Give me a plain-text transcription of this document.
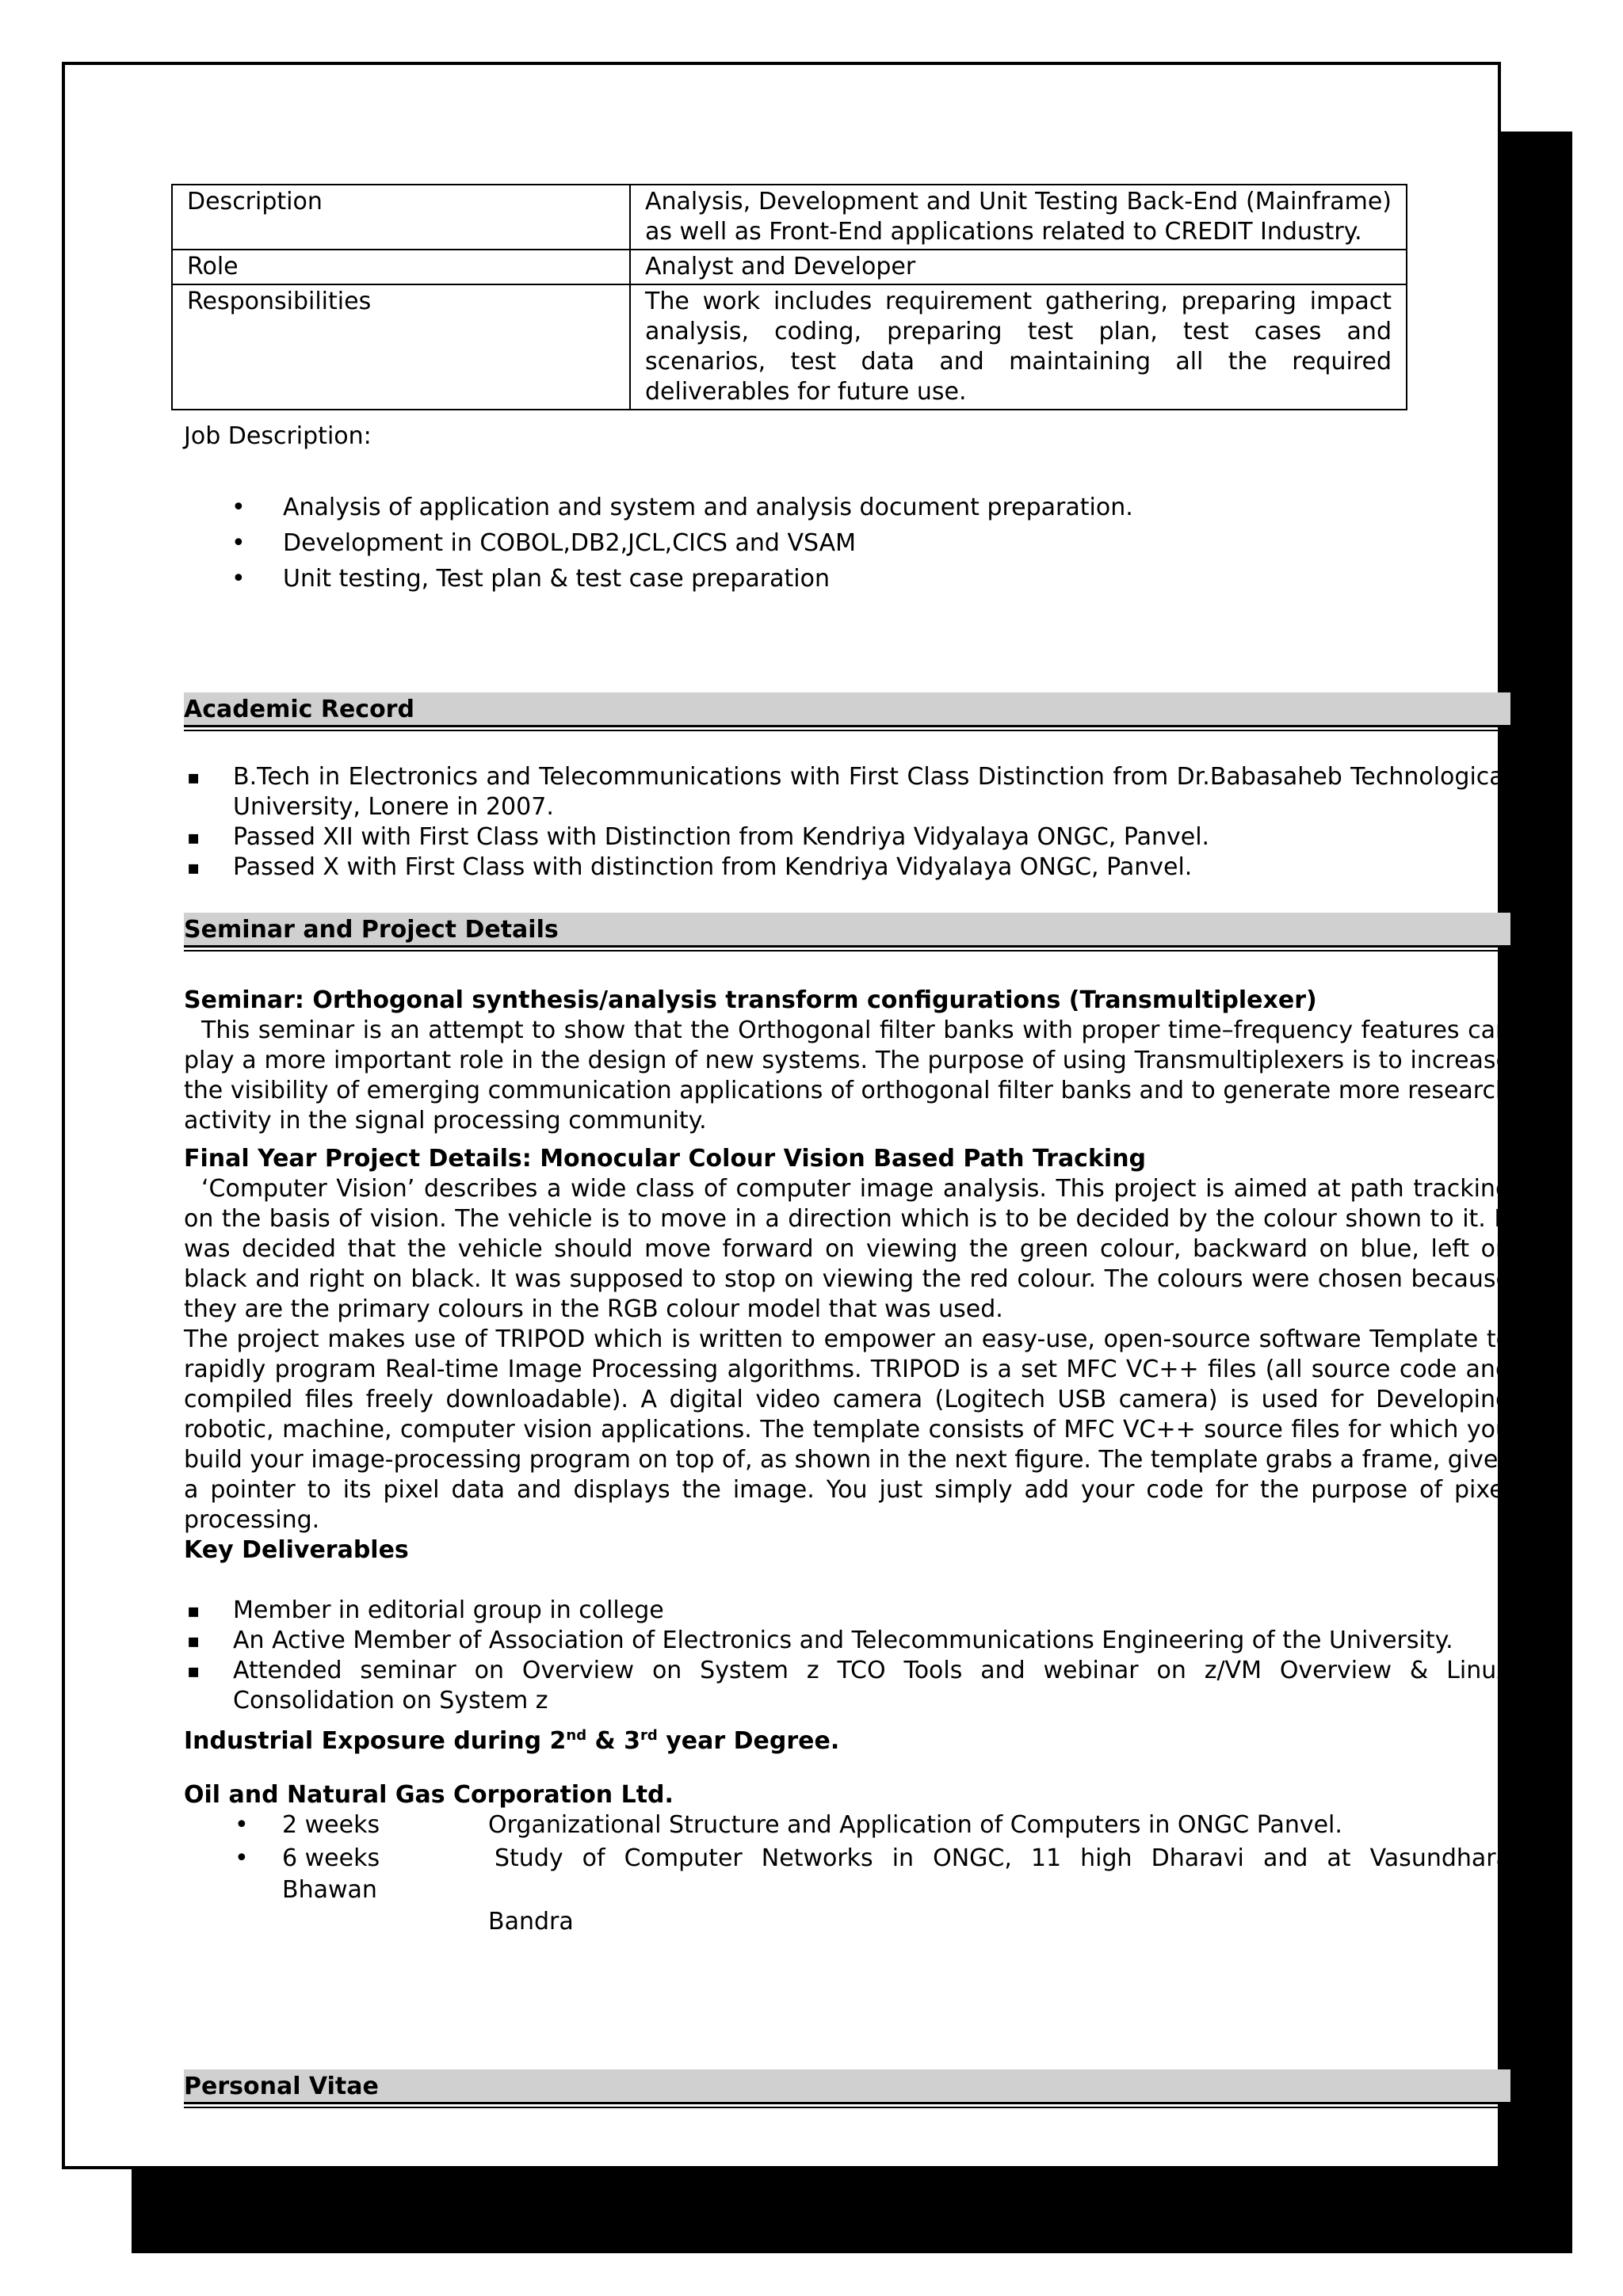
Description	Analysis, Development and Unit Testing Back-End (Mainframe) as well as Front-End applications related to CREDIT Industry.
Role	Analyst and Developer
Responsibilities	The work includes requirement gathering, preparing impact analysis, coding, preparing test plan, test cases and scenarios, test data and maintaining all the required deliverables for future use.
Job Description:
• Analysis of application and system and analysis document preparation.
• Development in COBOL,DB2,JCL,CICS and VSAM
• Unit testing, Test plan & test case preparation
Academic Record
▪ B.Tech in Electronics and Telecommunications with First Class Distinction from Dr.Babasaheb Technological University, Lonere in 2007.
▪ Passed XII with First Class with Distinction from Kendriya Vidyalaya ONGC, Panvel.
▪ Passed X with First Class with distinction from Kendriya Vidyalaya ONGC, Panvel.
Seminar and Project Details
Seminar: Orthogonal synthesis/analysis transform configurations (Transmultiplexer)

This seminar is an attempt to show that the Orthogonal filter banks with proper time–frequency features can play a more important role in the design of new systems. The purpose of using Transmultiplexers is to increase the visibility of emerging communication applications of orthogonal filter banks and to generate more research activity in the signal processing community.

Final Year Project Details: Monocular Colour Vision Based Path Tracking

‘Computer Vision’ describes a wide class of computer image analysis. This project is aimed at path tracking on the basis of vision. The vehicle is to move in a direction which is to be decided by the colour shown to it. It was decided that the vehicle should move forward on viewing the green colour, backward on blue, left on black and right on black. It was supposed to stop on viewing the red colour. The colours were chosen because they are the primary colours in the RGB colour model that was used.

The project makes use of TRIPOD which is written to empower an easy-use, open-source software Template to rapidly program Real-time Image Processing algorithms. TRIPOD is a set MFC VC++ files (all source code and compiled files freely downloadable). A digital video camera (Logitech USB camera) is used for Developing robotic, machine, computer vision applications. The template consists of MFC VC++ source files for which you build your image-processing program on top of, as shown in the next figure. The template grabs a frame, gives a pointer to its pixel data and displays the image. You just simply add your code for the purpose of pixel processing.

Key Deliverables
▪ Member in editorial group in college
▪ An Active Member of Association of Electronics and Telecommunications Engineering of the University.
▪ Attended seminar on Overview on System z TCO Tools and webinar on z/VM Overview & Linux Consolidation on System z
Industrial Exposure during 2nd & 3rd year Degree.
Oil and Natural Gas Corporation Ltd.
• 2 weeks	Organizational Structure and Application of Computers in ONGC Panvel.
• 6 weeks	Study of Computer Networks in ONGC, 11 high Dharavi and at Vasundhara
Bhawan
Bandra
Personal Vitae
